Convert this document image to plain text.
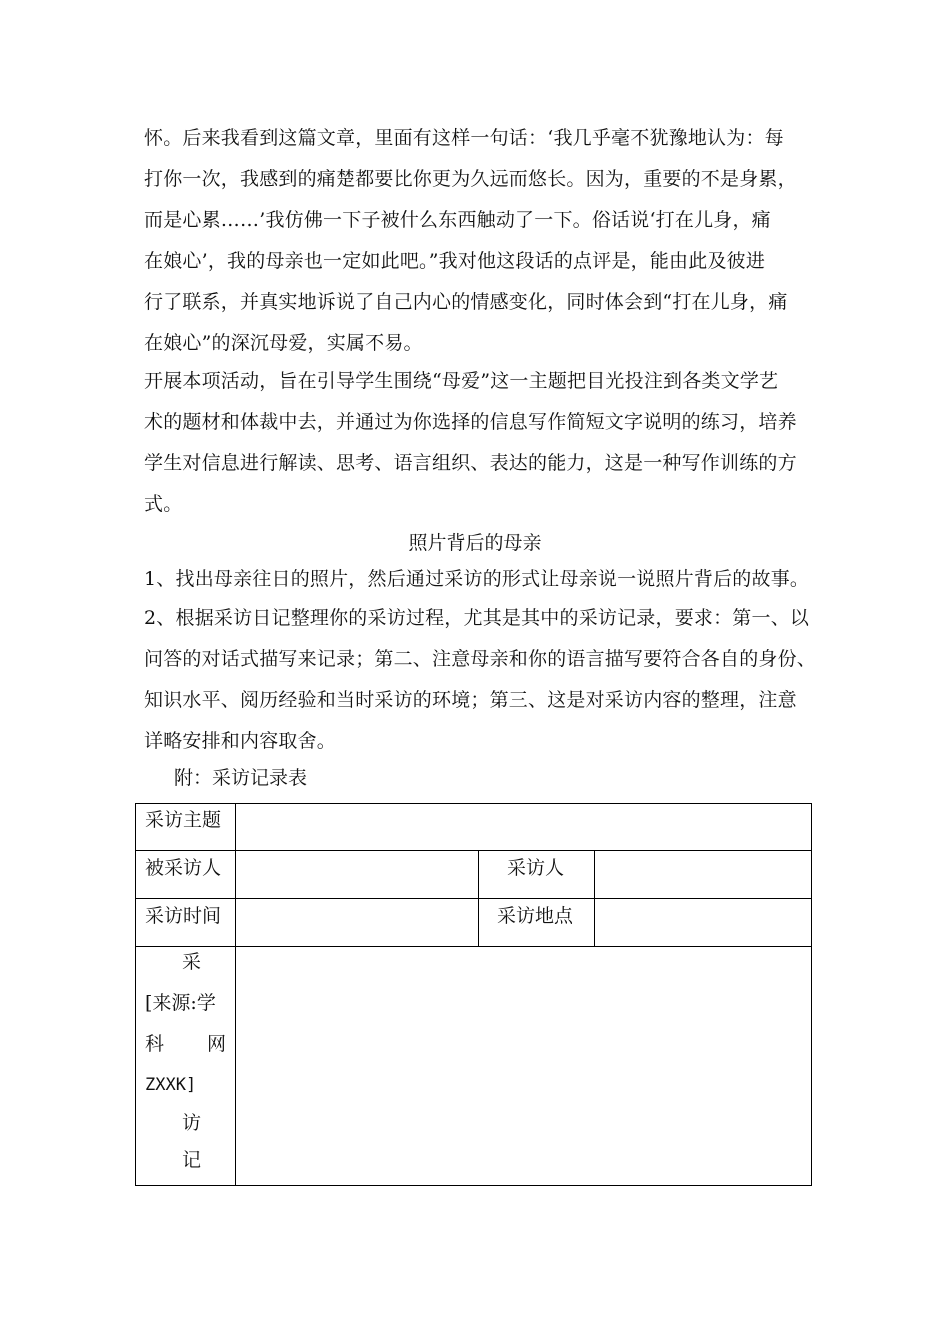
怀。后来我看到这篇文章，里面有这样一句话：‘我几乎毫不犹豫地认为：每
打你一次，我感到的痛楚都要比你更为久远而悠长。因为，重要的不是身累，
而是心累……’我仿佛一下子被什么东西触动了一下。俗话说‘打在儿身，痛
在娘心’，我的母亲也一定如此吧。”我对他这段话的点评是，能由此及彼进
行了联系，并真实地诉说了自己内心的情感变化，同时体会到“打在儿身，痛
在娘心”的深沉母爱，实属不易。
开展本项活动，旨在引导学生围绕“母爱”这一主题把目光投注到各类文学艺
术的题材和体裁中去，并通过为你选择的信息写作简短文字说明的练习，培养
学生对信息进行解读、思考、语言组织、表达的能力，这是一种写作训练的方
式。
照片背后的母亲
1、找出母亲往日的照片，然后通过采访的形式让母亲说一说照片背后的故事。
2、根据采访日记整理你的采访过程，尤其是其中的采访记录，要求：第一、以
问答的对话式描写来记录；第二、注意母亲和你的语言描写要符合各自的身份、
知识水平、阅历经验和当时采访的环境；第三、这是对采访内容的整理，注意
详略安排和内容取舍。
附：采访记录表
采访主题
被采访人	采访人
采访时间	采访地点
采
[来源:学
科 网
ZXXK]
访
记
